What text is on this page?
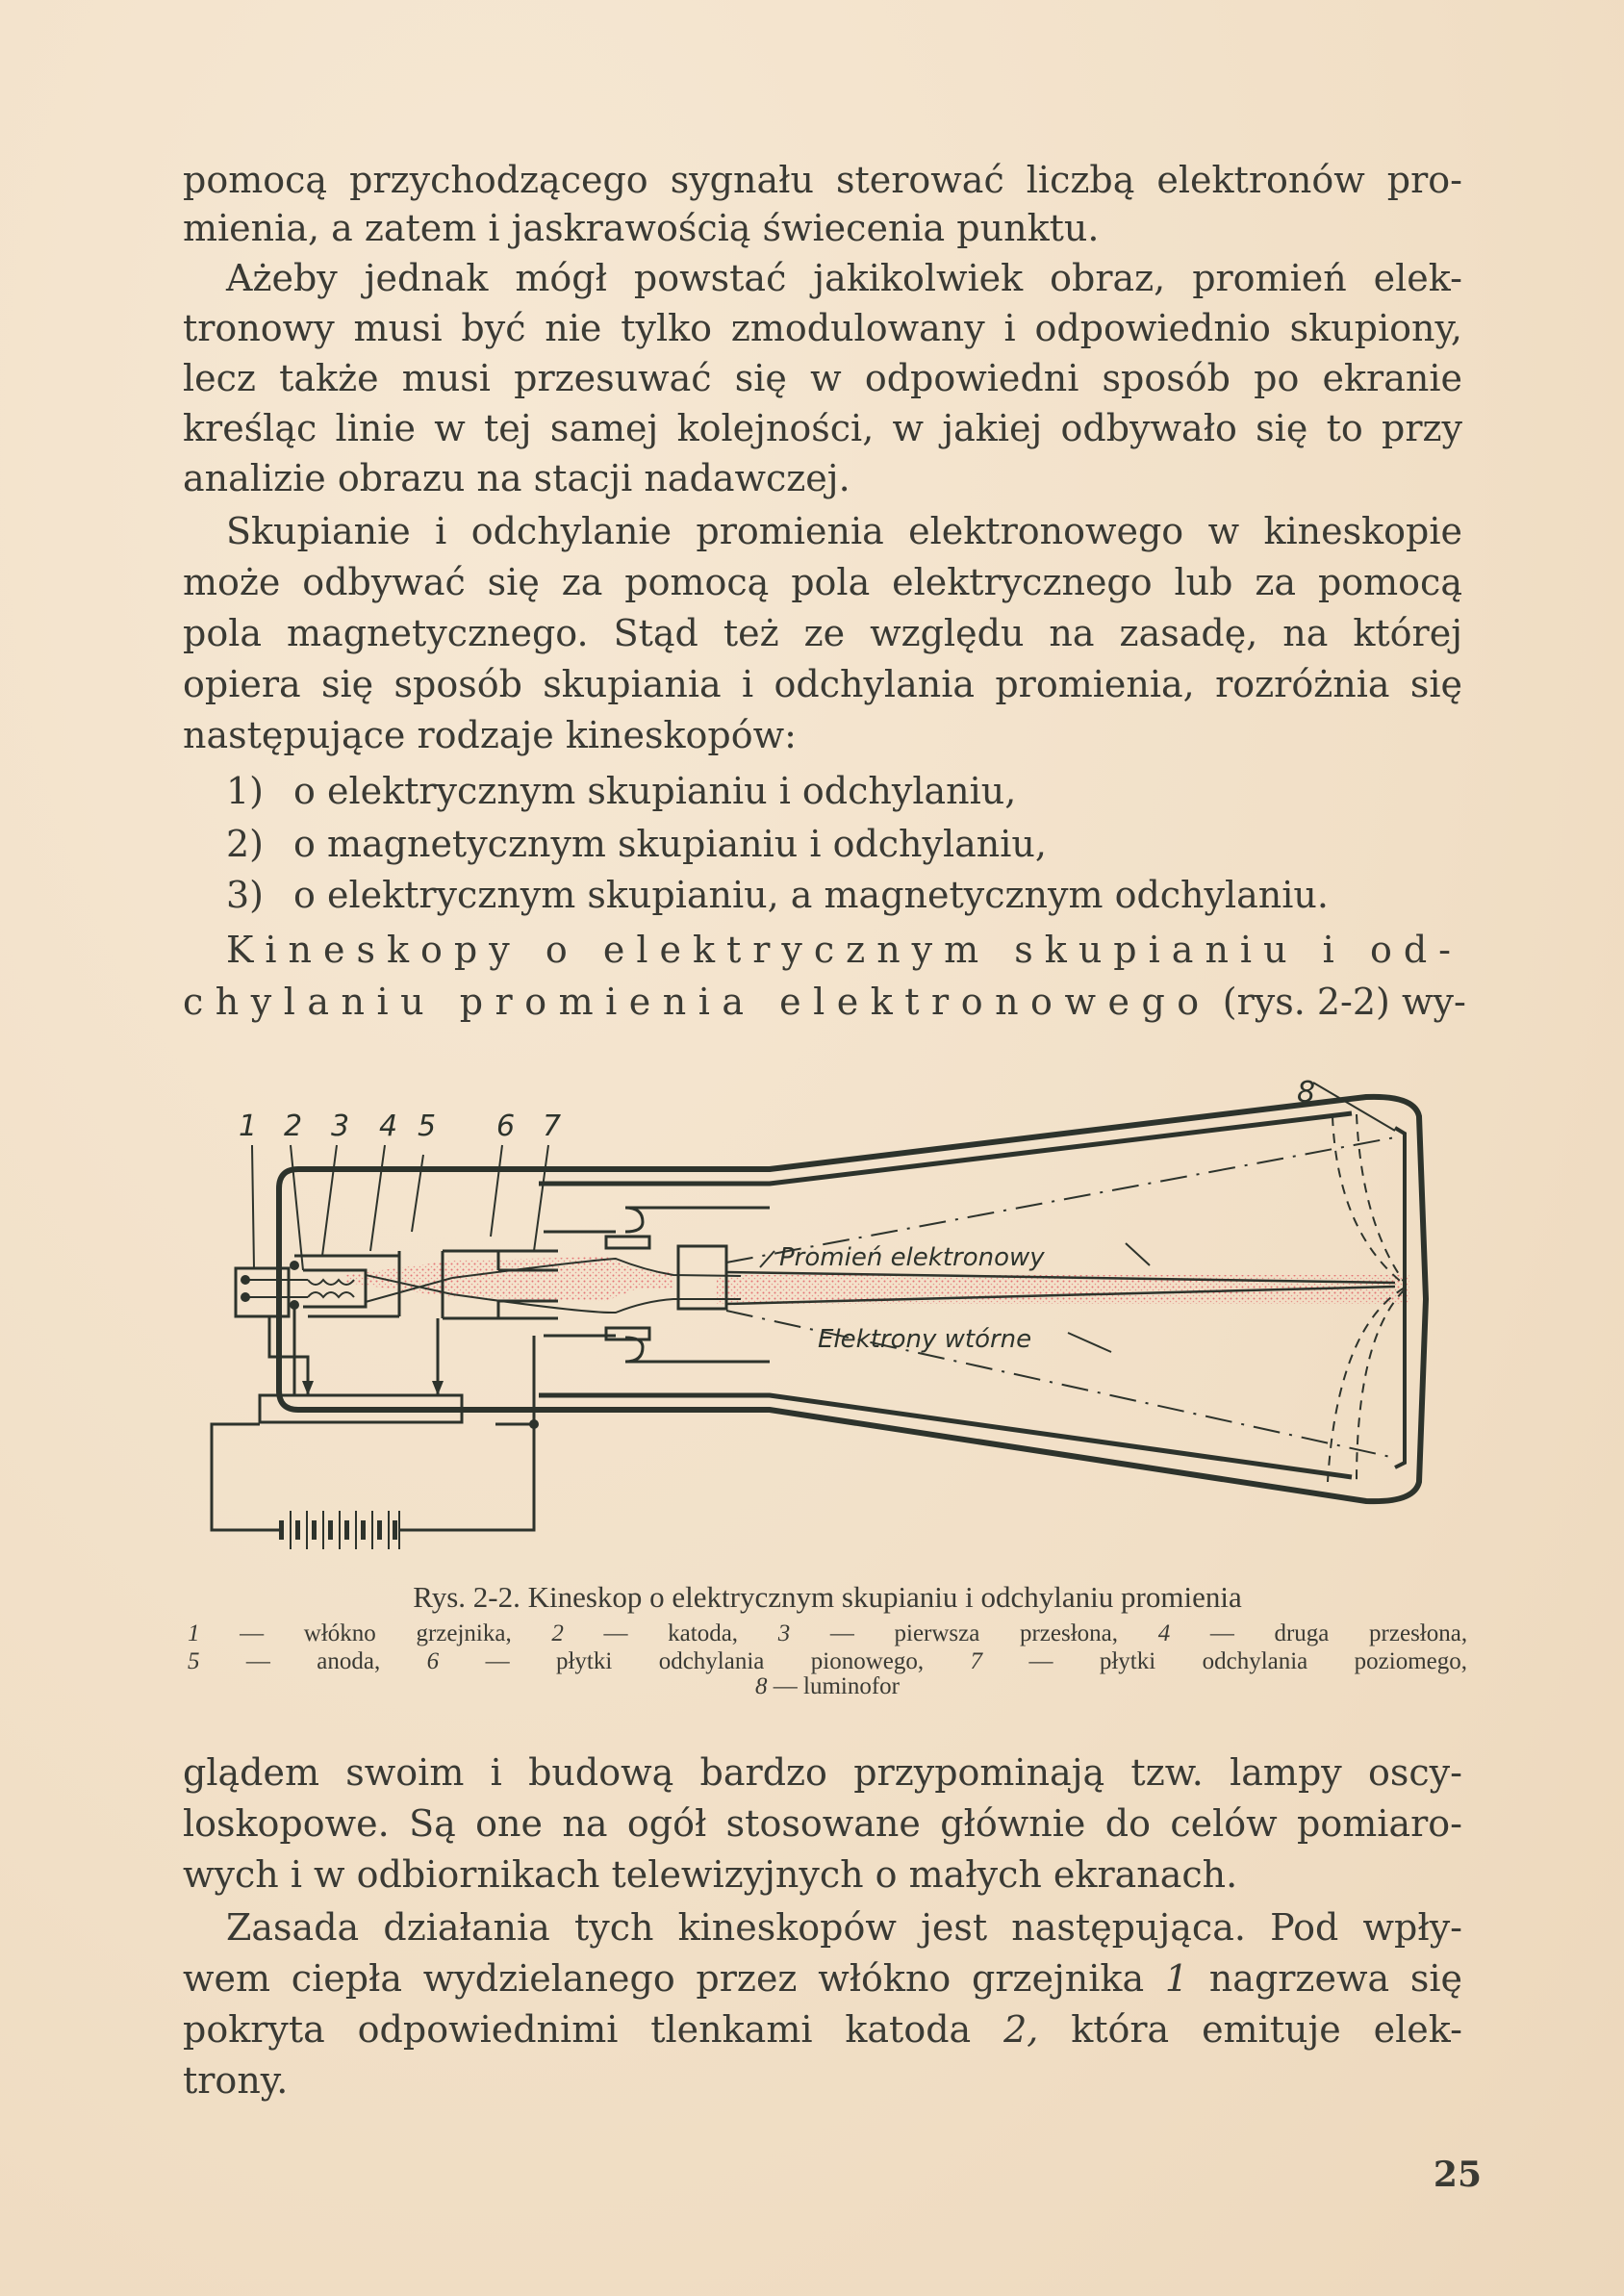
pomocą przychodzącego sygnału sterować liczbą elektronów pro-
mienia, a zatem i jaskrawością świecenia punktu.
Ażeby jednak mógł powstać jakikolwiek obraz, promień elek-
tronowy musi być nie tylko zmodulowany i odpowiednio skupiony,
lecz także musi przesuwać się w odpowiedni sposób po ekranie
kreśląc linie w tej samej kolejności, w jakiej odbywało się to przy
analizie obrazu na stacji nadawczej.
Skupianie i odchylanie promienia elektronowego w kineskopie
może odbywać się za pomocą pola elektrycznego lub za pomocą
pola magnetycznego. Stąd też ze względu na zasadę, na której
opiera się sposób skupiania i odchylania promienia, rozróżnia się
następujące rodzaje kineskopów:
1) o elektrycznym skupianiu i odchylaniu,
2) o magnetycznym skupianiu i odchylaniu,
3) o elektrycznym skupianiu, a magnetycznym odchylaniu.
Kineskopy o elektrycznym skupianiu i od-
chylaniu promienia elektronowego (rys. 2-2) wy-
1 2 3 4 5 6 7
8
Promień elektronowy
Elektrony wtórne
Rys. 2-2. Kineskop o elektrycznym skupianiu i odchylaniu promienia
1 — włókno grzejnika, 2 — katoda, 3 — pierwsza przesłona, 4 — druga przesłona,
5 — anoda, 6 — płytki odchylania pionowego, 7 — płytki odchylania poziomego,
8 — luminofor
glądem swoim i budową bardzo przypominają tzw. lampy oscy-
loskopowe. Są one na ogół stosowane głównie do celów pomiaro-
wych i w odbiornikach telewizyjnych o małych ekranach.
Zasada działania tych kineskopów jest następująca. Pod wpły-
wem ciepła wydzielanego przez włókno grzejnika 1 nagrzewa się
pokryta odpowiednimi tlenkami katoda 2, która emituje elek-
trony.
25
